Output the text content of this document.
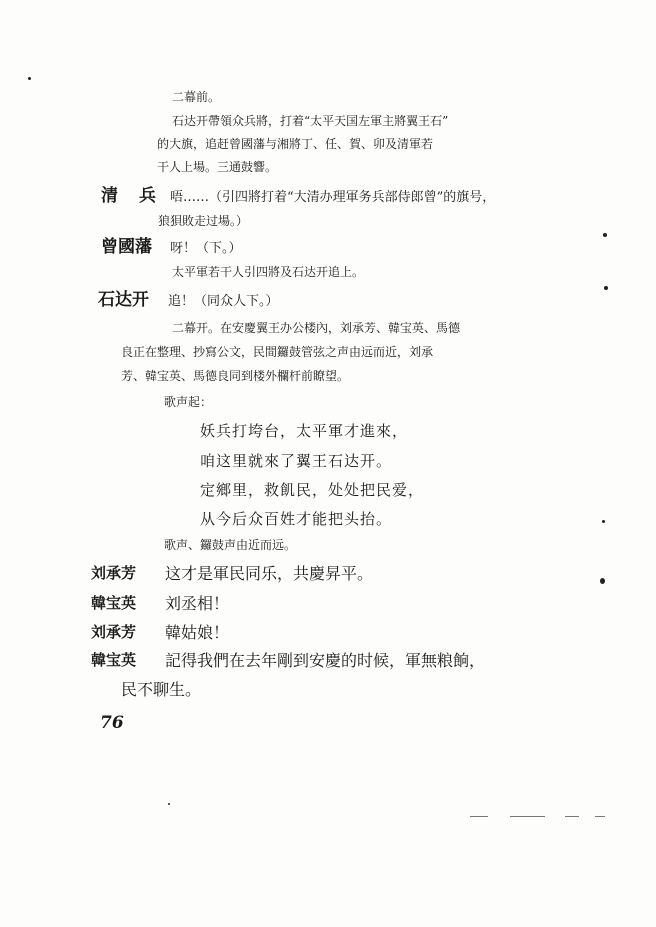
二幕前。
石达开帶領众兵將，打着“太平天国左軍主將翼王石”
的大旗，追赶曾國藩与湘將丁、任、賀、卯及清軍若
干人上場。三通鼓響。
清　兵 唔……（引四將打着“大清办理軍务兵部侍郎曾”的旗号，
狼狽敗走过場。）
曾國藩 呀！（下。）
太平軍若干人引四將及石达开追上。
石达开 追！（同众人下。）
二幕开。在安慶翼王办公楼內，刘承芳、韓宝英、馬德
良正在整理、抄寫公文，民間鑼鼓管弦之声由远而近，刘承
芳、韓宝英、馬德良同到楼外欄杆前瞭望。
歌声起：
妖兵打垮台，太平軍才進來，
咱这里就來了翼王石达开。
定鄉里，救飢民，处处把民爱，
从今后众百姓才能把头抬。
歌声、鑼鼓声由近而远。
刘承芳 这才是軍民同乐，共慶昇平。
韓宝英 刘丞相！
刘承芳 韓姑娘！
韓宝英 記得我們在去年剛到安慶的时候，軍無粮餉，
民不聊生。
76
